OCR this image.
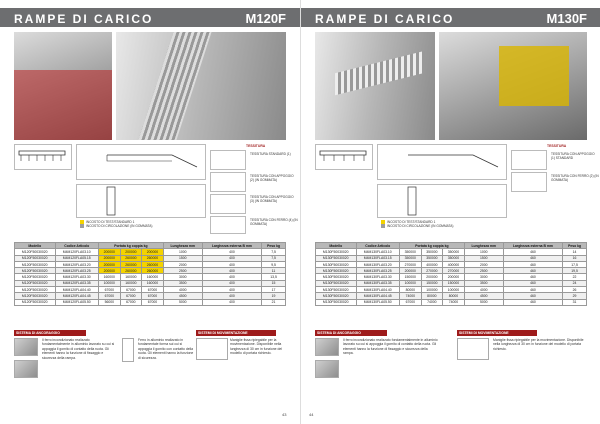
RAMPE DI CARICO	M120F
INCOSTO DI TEST/STANDARD 1
INCOSTO DI CIRCOLAZIONE (IN GOMMATA)
TESSITURA
TESSITURA STANDARD (1)
TESSITURA CON APPOGGIO (2) (IN GOMMATA)
TESSITURA CON APPOGGIO (3) (IN GOMMATA)
TESSITURA CON FERRO (4) (IN GOMMATA)
Modello	Codice Articolo	Portata kg coppia kg			Lunghezza mm	Larghezza esterna B mm	Peso kg
M120F50030020	M4M120FLA03.10	200000	200000	200000	1000	400	7,5
M120F50030020	M4M120FLA05.15	200000	260000	260000	1500	400	7,5
M120F50030020	M4M120FLA03.20	200000	260000	260000	2000	400	9,5
M120F50030020	M4M120FLA03.25	200000	260000	260000	2500	400	11
M120F50030020	M4M120FLA03.30	160000	160000	160000	3000	400	13,5
M120F50030020	M4M120FLA03.35	100000	160000	160000	3500	400	15
M120F50030020	M4M120FLA04.40	67000	67000	67000	4000	400	17
M120F50030020	M4M120FLA04.45	67000	67000	67000	4500	400	19
M120F50030020	M4M120FLA05.50	56000	67000	67000	5000	400	21
SISTEMA DI ANCORAGGIO	SISTEMI DI MOVIMENTAZIONE
Il ferro incondizionato realizzato fondamentalmente in alluminio lavorato su cui si appoggia il gomito di contatto della ruota. Gli elementi hanno la funzione di fissaggio e sicurezza della rampa.
Ferro in alluminio realizzato in fondamentale forma sui cui si appoggia il gomito con contatto della ruota. Gli elementi hanno la funzione di sicurezza.
Maniglie fissa ripiegabile per la movimentazione. Disponibile nella lunghezza di 30 cm in funzione del modello di portata richiesto.
43
RAMPE DI CARICO	M130F
INCOSTO DI TEST/STANDARD 1
INCOSTO DI CIRCOLAZIONE (IN GOMMATA)
TESSITURA
TESSITURA CON APPOGGIO (1) STANDARD
TESSITURA CON FERRO (2) (IN GOMMATA)
Modello	Codice Articolo	Portata kg coppia kg			Lunghezza mm	Larghezza esterna B mm	Peso kg
M130F50030020	M4M130FLA03.10	350000	350000	350000	1000	460	14
M130F50030020	M4M130FLA03.15	350000	350000	350000	1500	460	16
M130F50030020	M4M130FLA03.20	270000	400000	400000	2000	460	17,5
M130F50030020	M4M130FLA03.25	200000	270000	270000	2500	460	19,5
M130F50030020	M4M130FLA03.30	150000	200000	200000	3000	460	22
M130F50030020	M4M130FLA03.35	100000	150000	150000	3500	460	24
M130F50030020	M4M130FLA04.40	80000	100000	100000	4000	460	26
M130F50030020	M4M130FLA04.45	74000	80000	80000	4500	460	29
M130F50030020	M4M130FLA05.50	67000	74000	74000	5000	460	31
SISTEMA DI ANCORAGGIO	SISTEMI DI MOVIMENTAZIONE
Il ferro incondizionato realizzato fondamentalmente in alluminio lavorato su cui si appoggia il gomito di contatto della ruota. Gli elementi hanno la funzione di fissaggio e sicurezza della rampa.
Maniglie fissa ripiegabile per la movimentazione. Disponibile nella lunghezza di 30 cm in funzione del modello di portata richiesto.
44
